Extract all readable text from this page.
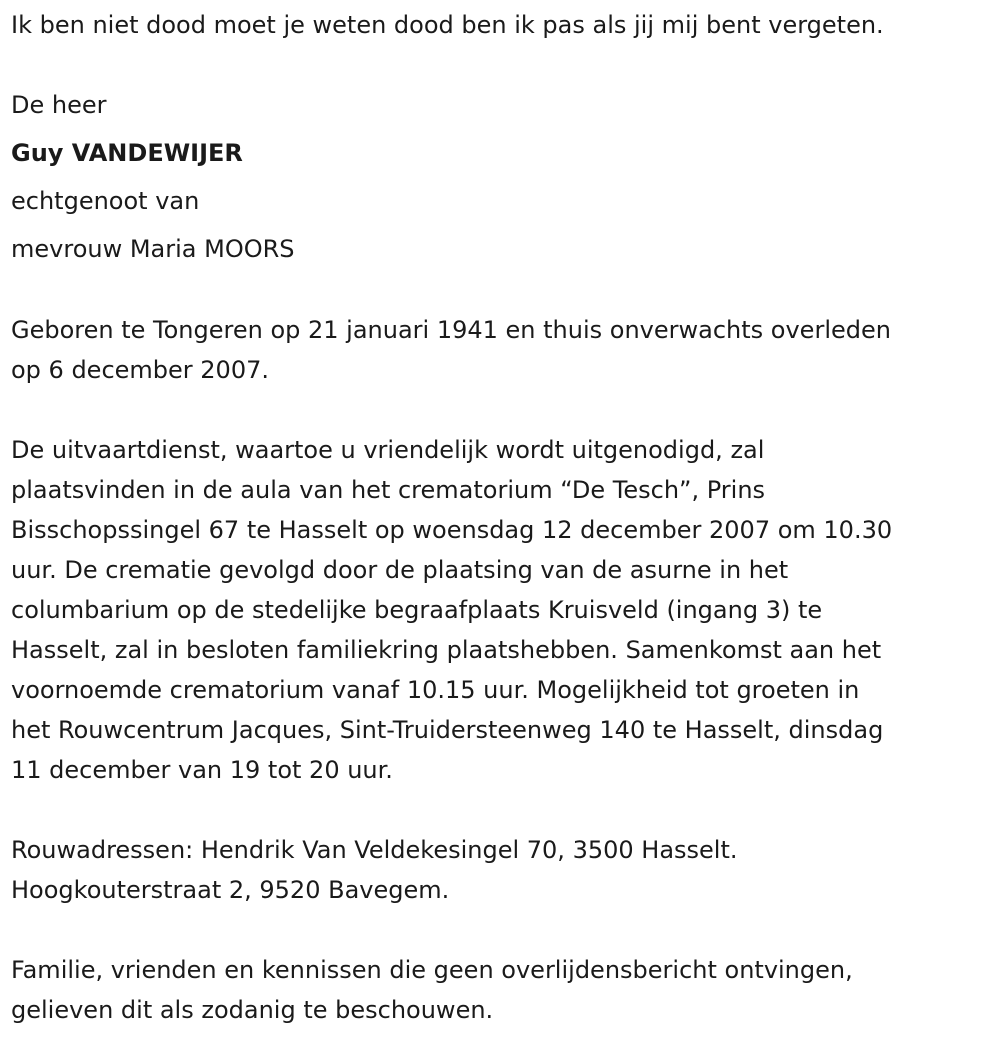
Ik ben niet dood moet je weten dood ben ik pas als jij mij bent vergeten.
De heer
Guy VANDEWIJER
echtgenoot van
mevrouw Maria MOORS
Geboren te Tongeren op 21 januari 1941 en thuis onverwachts overleden
op 6 december 2007.
De uitvaartdienst, waartoe u vriendelijk wordt uitgenodigd, zal
plaatsvinden in de aula van het crematorium “De Tesch”, Prins
Bisschopssingel 67 te Hasselt op woensdag 12 december 2007 om 10.30
uur. De crematie gevolgd door de plaatsing van de asurne in het
columbarium op de stedelijke begraafplaats Kruisveld (ingang 3) te
Hasselt, zal in besloten familiekring plaatshebben. Samenkomst aan het
voornoemde crematorium vanaf 10.15 uur. Mogelijkheid tot groeten in
het Rouwcentrum Jacques, Sint-Truidersteenweg 140 te Hasselt, dinsdag
11 december van 19 tot 20 uur.
Rouwadressen: Hendrik Van Veldekesingel 70, 3500 Hasselt.
Hoogkouterstraat 2, 9520 Bavegem.
Familie, vrienden en kennissen die geen overlijdensbericht ontvingen,
gelieven dit als zodanig te beschouwen.
